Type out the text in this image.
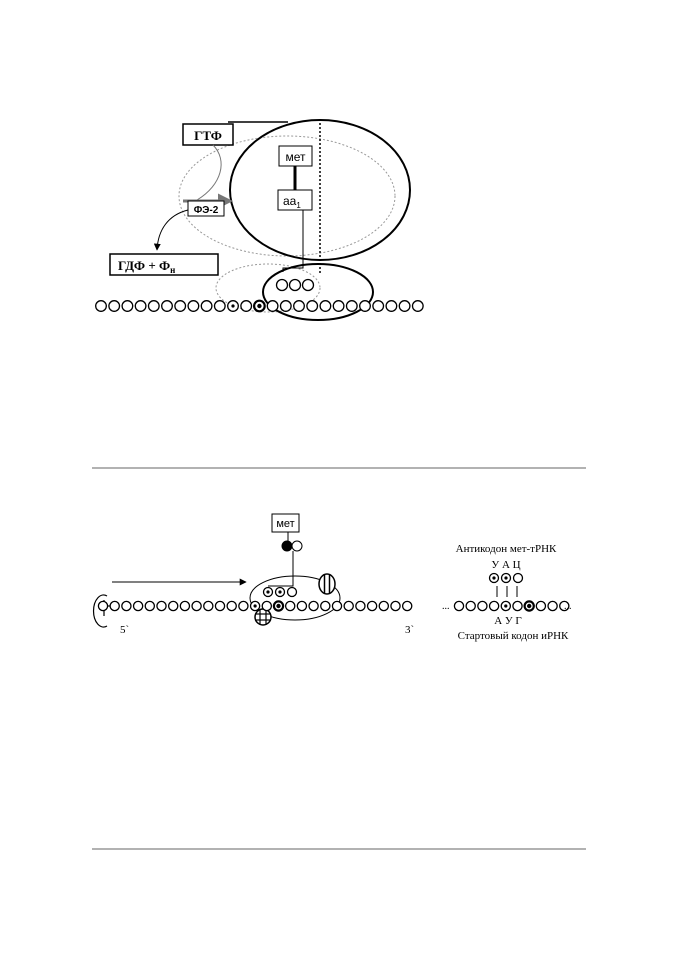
ГТФ
ФЭ-2
ГДФ + $Ф_н$
мет
$аа_1$
мет
5`	3`
Антикодон мет-тРНК
У А Ц
...	...
А У Г
Стартовый кодон иРНК
